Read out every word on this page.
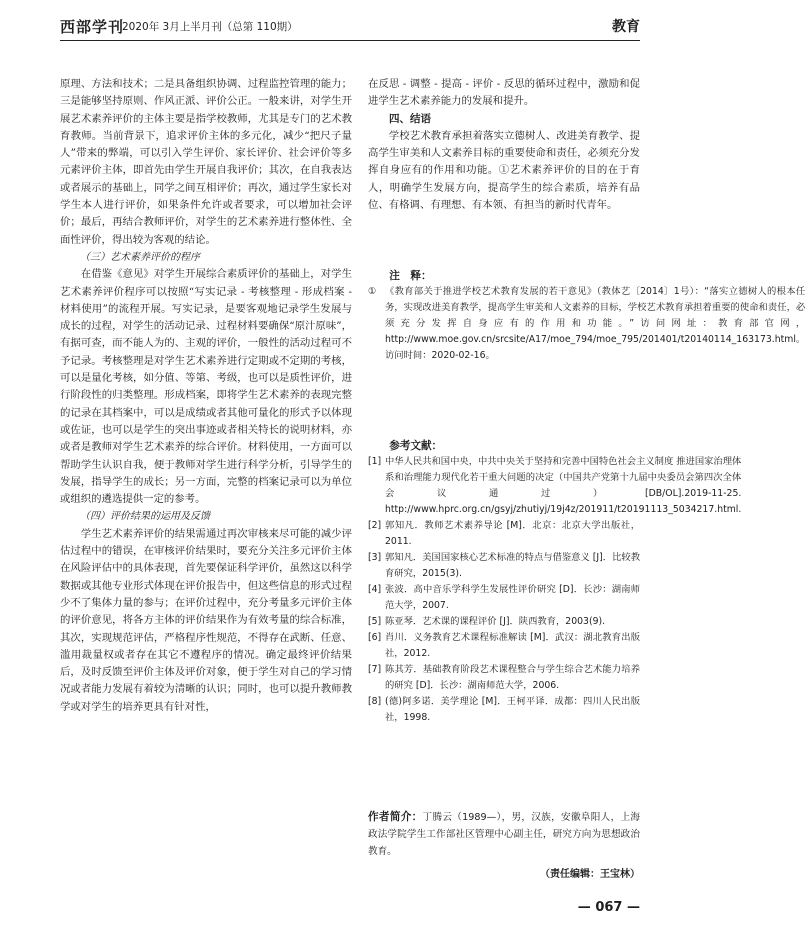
西部学刊
2020年 3月上半月刊（总第 110期）	教育

原理、方法和技术；二是具备组织协调、过程监控管理的能力；三是能够坚持原则、作风正派、评价公正。一般来讲，对学生开展艺术素养评价的主体主要是指学校教师，尤其是专门的艺术教育教师。当前背景下，追求评价主体的多元化，减少“把尺子量人”带来的弊端，可以引入学生评价、家长评价、社会评价等多元素评价主体，即首先由学生开展自我评价；其次，在自我表达或者展示的基础上，同学之间互相评价；再次，通过学生家长对学生本人进行评价，如果条件允许或者要求，可以增加社会评价；最后，再结合教师评价，对学生的艺术素养进行整体性、全面性评价，得出较为客观的结论。

（三）艺术素养评价的程序

在借鉴《意见》对学生开展综合素质评价的基础上，对学生艺术素养评价程序可以按照“写实记录 - 考核整理 - 形成档案 - 材料使用”的流程开展。写实记录，是要客观地记录学生发展与成长的过程，对学生的活动记录、过程材料要确保“原汁原味”，有据可查，而不能人为的、主观的评价，一般性的活动过程可不予记录。考核整理是对学生艺术素养进行定期或不定期的考核，可以是量化考核，如分值、等第、考级，也可以是质性评价，进行阶段性的归类整理。形成档案，即将学生艺术素养的表现完整的记录在其档案中，可以是成绩或者其他可量化的形式予以体现或佐证，也可以是学生的突出事迹或者相关特长的说明材料，亦或者是教师对学生艺术素养的综合评价。材料使用，一方面可以帮助学生认识自我，便于教师对学生进行科学分析，引导学生的发展，指导学生的成长；另一方面，完整的档案记录可以为单位或组织的遴选提供一定的参考。

（四）评价结果的运用及反馈

学生艺术素养评价的结果需通过再次审核来尽可能的减少评估过程中的错误，在审核评价结果时，要充分关注多元评价主体在风险评估中的具体表现，首先要保证科学评价，虽然这以科学数据或其他专业形式体现在评价报告中，但这些信息的形式过程少不了集体力量的参与；在评价过程中，充分考量多元评价主体的评价意见，将各方主体的评价结果作为有效考量的综合标准，其次，实现规范评估，严格程序性规范，不得存在武断、任意、滥用裁量权或者存在其它不遵程序的情况。确定最终评价结果后，及时反馈至评价主体及评价对象，便于学生对自己的学习情况或者能力发展有着较为清晰的认识；同时，也可以提升教师教学或对学生的培养更具有针对性，

在反思 - 调整 - 提高 - 评价 - 反思的循环过程中，激励和促进学生艺术素养能力的发展和提升。

四、结语

学校艺术教育承担着落实立德树人、改进美育教学、提高学生审美和人文素养目标的重要使命和责任，必须充分发挥自身应有的作用和功能。①艺术素养评价的目的在于育人，明确学生发展方向，提高学生的综合素质，培养有品位、有格调、有理想、有本领、有担当的新时代青年。

注　释：

① 《教育部关于推进学校艺术教育发展的若干意见》（教体艺〔2014〕1号）：“落实立德树人的根本任务，实现改进美育教学，提高学生审美和人文素养的目标，学校艺术教育承担着重要的使命和责任，必须充分发挥自身应有的作用和功能。”访问网址：教育部官网，http://www.moe.gov.cn/srcsite/A17/moe_794/moe_795/201401/t20140114_163173.html。访问时间：2020-02-16。

参考文献：

[1] 中华人民共和国中央，中共中央关于坚持和完善中国特色社会主义制度 推进国家治理体系和治理能力现代化若干重大问题的决定（中国共产党第十九届中央委员会第四次全体会议通过）[DB/OL].2019-11-25. http://www.hprc.org.cn/gsyj/zhutiyj/19j4z/201911/t20191113_5034217.html.
[2] 郭知凡．教师艺术素养导论 [M]．北京：北京大学出版社，2011.
[3] 郭知凡．美国国家核心艺术标准的特点与借鉴意义 [J]．比较教育研究，2015(3).
[4] 张波．高中音乐学科学生发展性评价研究 [D]．长沙：湖南师范大学，2007.
[5] 陈亚琴．艺术课的课程评价 [J]．陕西教育，2003(9).
[6] 肖川．义务教育艺术课程标准解读 [M]．武汉：湖北教育出版社，2012.
[7] 陈其芳．基础教育阶段艺术课程整合与学生综合艺术能力培养的研究 [D]．长沙：湖南师范大学，2006.
[8] (德)阿多诺．美学理论 [M]．王柯平译．成都：四川人民出版社，1998.
作者简介：丁腾云（1989—），男，汉族，安徽阜阳人，上海政法学院学生工作部社区管理中心副主任，研究方向为思想政治教育。
（责任编辑：王宝林）
— 067 —
